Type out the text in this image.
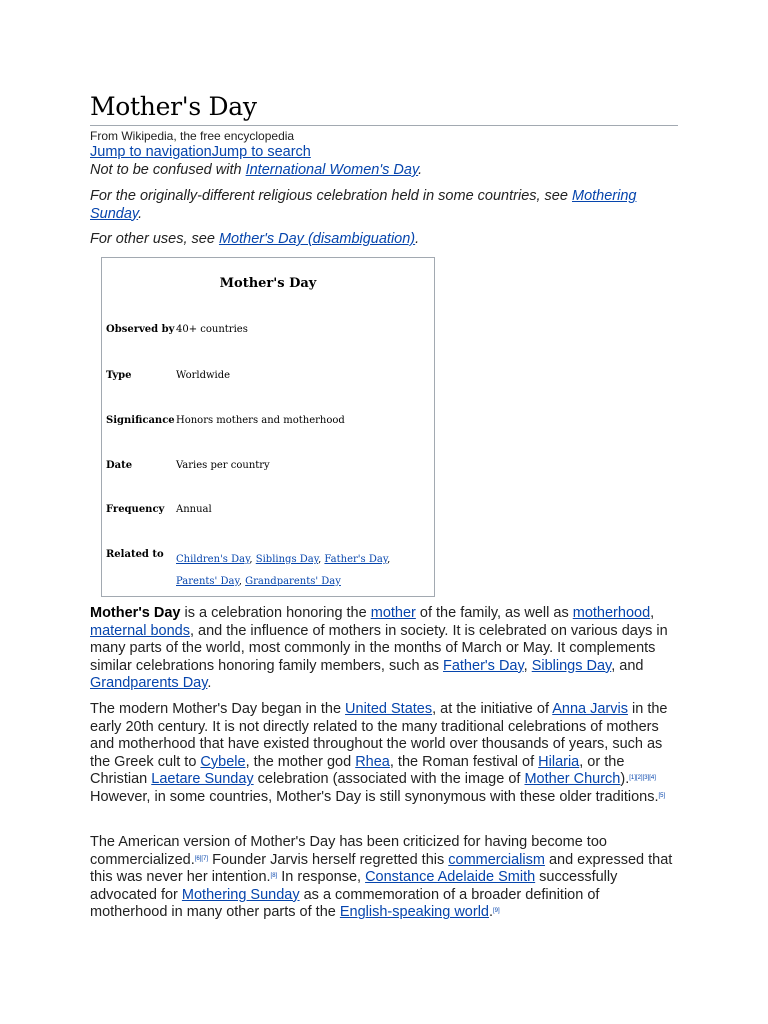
Mother's Day
From Wikipedia, the free encyclopedia
Jump to navigationJump to search
Not to be confused with International Women's Day.
For the originally-different religious celebration held in some countries, see Mothering Sunday.
For other uses, see Mother's Day (disambiguation).
Mother's Day
Observed by 40+ countries
Type	Worldwide
Significance Honors mothers and motherhood
Date	Varies per country
Frequency Annual
Related to Children's Day, Siblings Day, Father's Day, Parents' Day, Grandparents' Day
Mother's Day is a celebration honoring the mother of the family, as well as motherhood, maternal bonds, and the influence of mothers in society. It is celebrated on various days in many parts of the world, most commonly in the months of March or May. It complements similar celebrations honoring family members, such as Father's Day, Siblings Day, and Grandparents Day.
The modern Mother's Day began in the United States, at the initiative of Anna Jarvis in the early 20th century. It is not directly related to the many traditional celebrations of mothers and motherhood that have existed throughout the world over thousands of years, such as the Greek cult to Cybele, the mother god Rhea, the Roman festival of Hilaria, or the Christian Laetare Sunday celebration (associated with the image of Mother Church).[1][2][3][4] However, in some countries, Mother's Day is still synonymous with these older traditions.[5]
The American version of Mother's Day has been criticized for having become too commercialized.[6][7] Founder Jarvis herself regretted this commercialism and expressed that this was never her intention.[8] In response, Constance Adelaide Smith successfully advocated for Mothering Sunday as a commemoration of a broader definition of motherhood in many other parts of the English-speaking world.[9]
